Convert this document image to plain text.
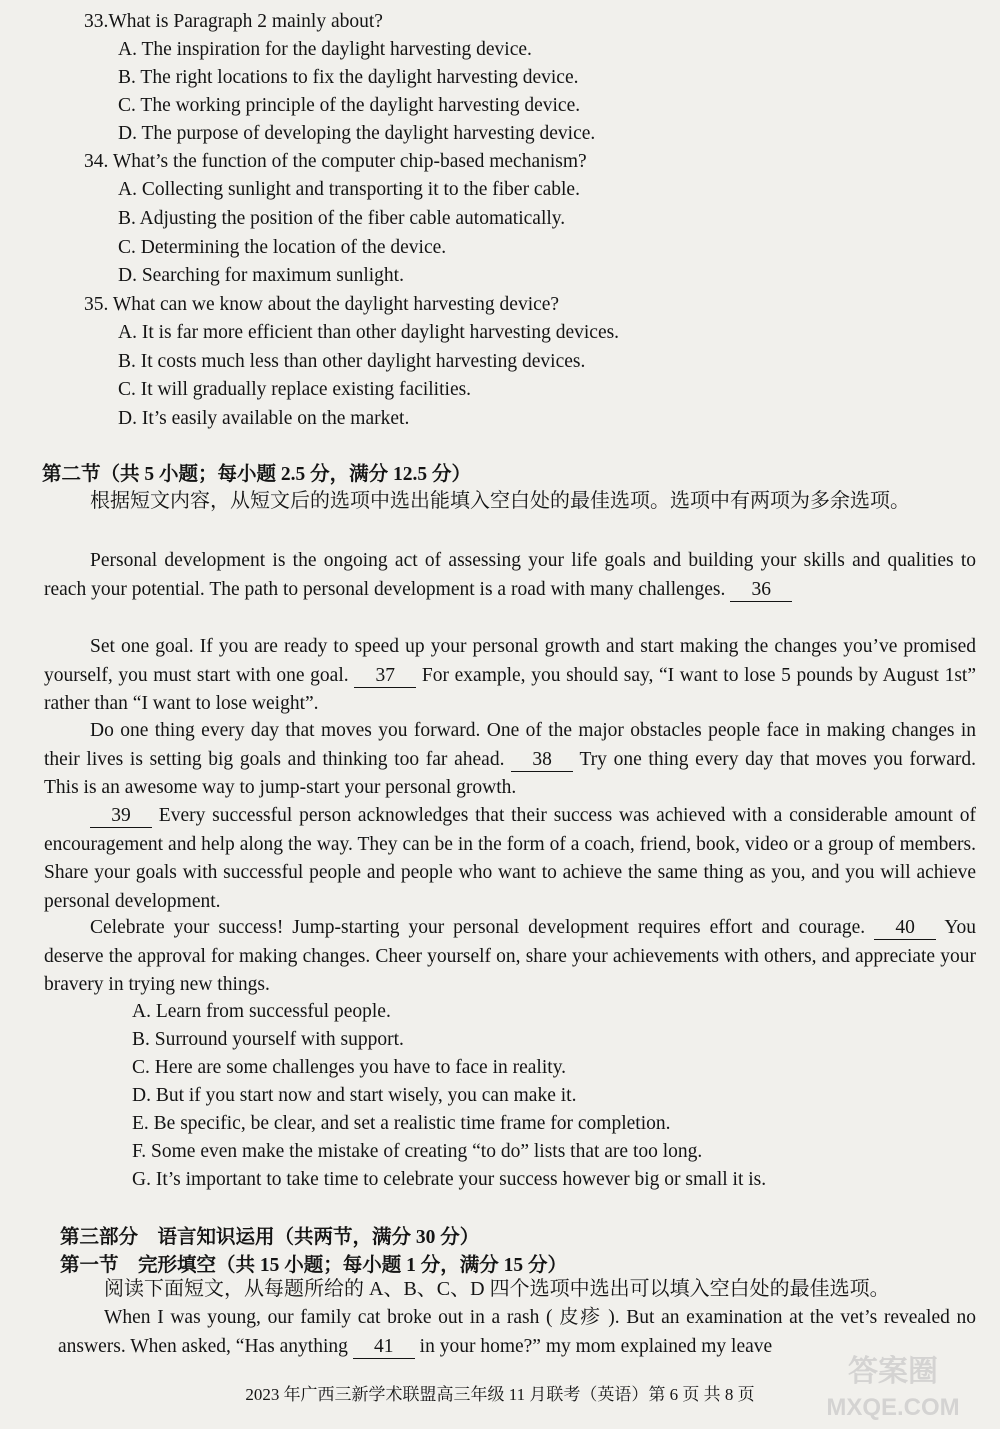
33.What is Paragraph 2 mainly about?
A. The inspiration for the daylight harvesting device.
B. The right locations to fix the daylight harvesting device.
C. The working principle of the daylight harvesting device.
D. The purpose of developing the daylight harvesting device.
34. What’s the function of the computer chip-based mechanism?
A. Collecting sunlight and transporting it to the fiber cable.
B. Adjusting the position of the fiber cable automatically.
C. Determining the location of the device.
D. Searching for maximum sunlight.
35. What can we know about the daylight harvesting device?
A. It is far more efficient than other daylight harvesting devices.
B. It costs much less than other daylight harvesting devices.
C. It will gradually replace existing facilities.
D. It’s easily available on the market.
第二节（共 5 小题；每小题 2.5 分，满分 12.5 分）
根据短文内容，从短文后的选项中选出能填入空白处的最佳选项。选项中有两项为多余选项。
Personal development is the ongoing act of assessing your life goals and building your skills and qualities to reach your potential. The path to personal development is a road with many challenges. 36
Set one goal. If you are ready to speed up your personal growth and start making the changes you’ve promised yourself, you must start with one goal. 37 For example, you should say, “I want to lose 5 pounds by August 1st” rather than “I want to lose weight”.
Do one thing every day that moves you forward. One of the major obstacles people face in making changes in their lives is setting big goals and thinking too far ahead. 38 Try one thing every day that moves you forward. This is an awesome way to jump-start your personal growth.
39 Every successful person acknowledges that their success was achieved with a considerable amount of encouragement and help along the way. They can be in the form of a coach, friend, book, video or a group of members. Share your goals with successful people and people who want to achieve the same thing as you, and you will achieve personal development.
Celebrate your success! Jump-starting your personal development requires effort and courage. 40 You deserve the approval for making changes. Cheer yourself on, share your achievements with others, and appreciate your bravery in trying new things.
A. Learn from successful people.
B. Surround yourself with support.
C. Here are some challenges you have to face in reality.
D. But if you start now and start wisely, you can make it.
E. Be specific, be clear, and set a realistic time frame for completion.
F. Some even make the mistake of creating “to do” lists that are too long.
G. It’s important to take time to celebrate your success however big or small it is.
第三部分　语言知识运用（共两节，满分 30 分）
第一节　完形填空（共 15 小题；每小题 1 分，满分 15 分）
阅读下面短文，从每题所给的 A、B、C、D 四个选项中选出可以填入空白处的最佳选项。
When I was young, our family cat broke out in a rash ( 皮疹 ). But an examination at the vet’s revealed no answers. When asked, “Has anything 41 in your home?” my mom explained my leave
2023 年广西三新学术联盟高三年级 11 月联考（英语）第 6 页 共 8 页
答案圈
MXQE.COM
